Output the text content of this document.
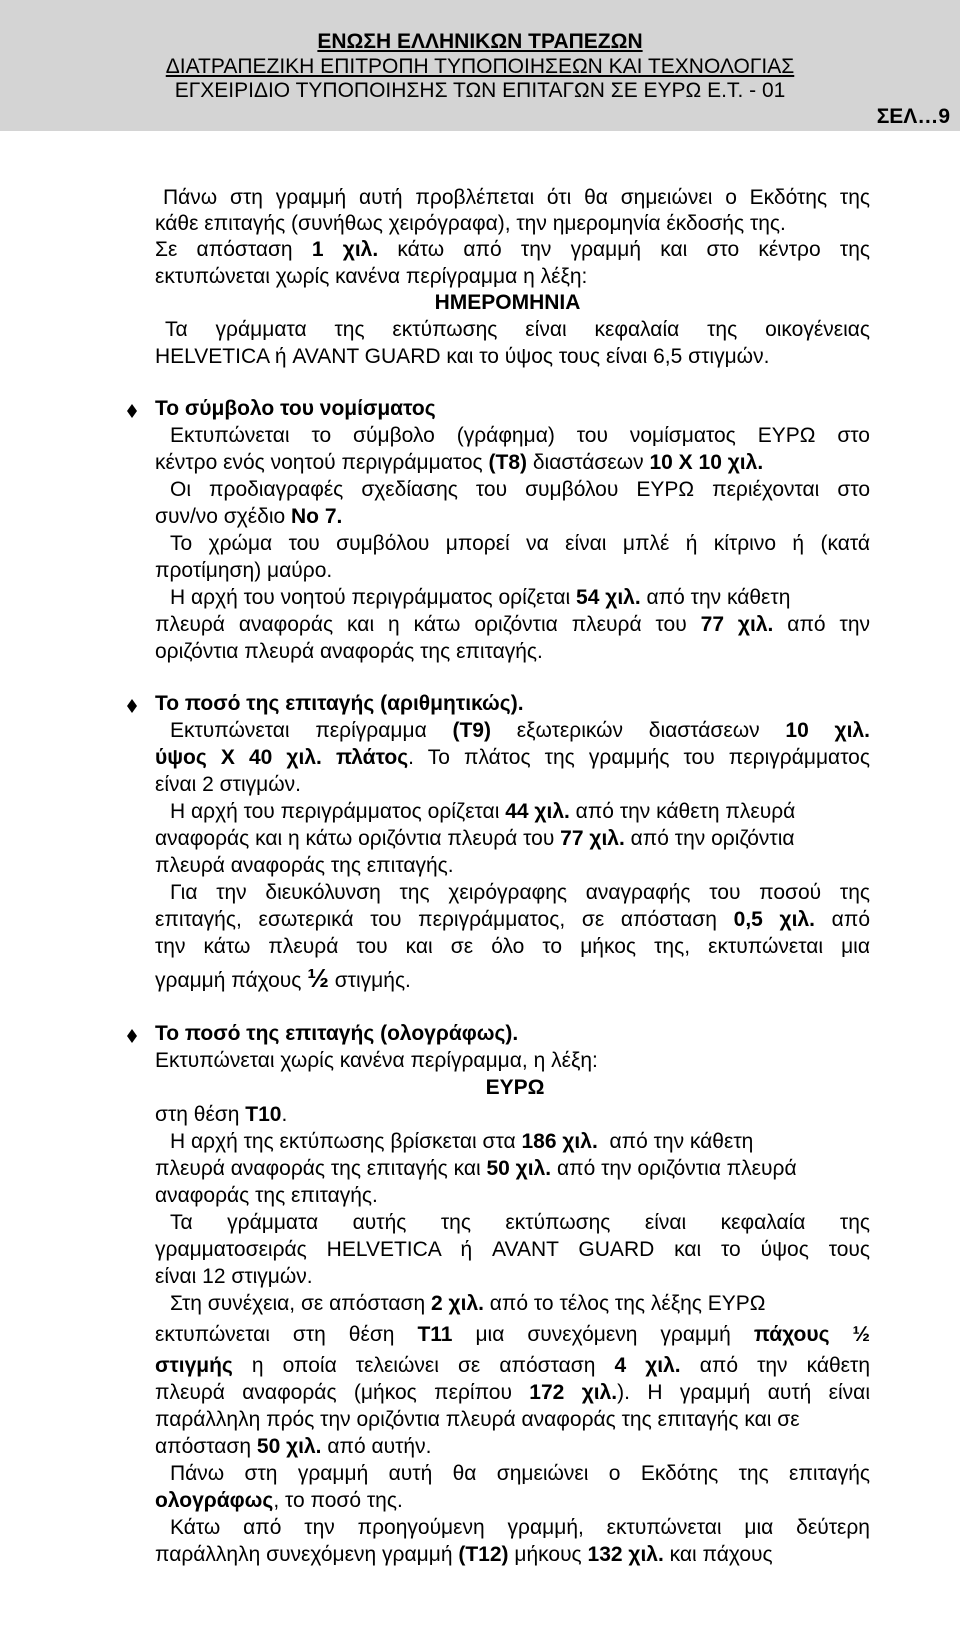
ΕΝΩΣΗ ΕΛΛΗΝΙΚΩΝ ΤΡΑΠΕΖΩΝ
ΔΙΑΤΡΑΠΕΖΙΚΗ ΕΠΙΤΡΟΠΗ ΤΥΠΟΠΟΙΗΣΕΩΝ ΚΑΙ ΤΕΧΝΟΛΟΓΙΑΣ
ΕΓΧΕΙΡΙΔΙΟ ΤΥΠΟΠΟΙΗΣΗΣ ΤΩΝ ΕΠΙΤΑΓΩΝ ΣΕ ΕΥΡΩ Ε.Τ. - 01
ΣΕΛ…9
Πάνω στη γραμμή αυτή προβλέπεται ότι θα σημειώνει ο Εκδότης της
κάθε επιταγής (συνήθως χειρόγραφα), την ημερομηνία έκδοσής της.
Σε απόσταση 1 χιλ. κάτω από την γραμμή και στο κέντρο της
εκτυπώνεται χωρίς κανένα περίγραμμα η λέξη:
ΗΜΕΡΟΜΗΝΙΑ
Τα γράμματα της εκτύπωσης είναι κεφαλαία της οικογένειας
HELVETICA ή AVANT GUARD και το ύψος τους είναι 6,5 στιγμών.
Το σύμβολο του νομίσματος
Εκτυπώνεται το σύμβολο (γράφημα) του νομίσματος ΕΥΡΩ στο
κέντρο ενός νοητού περιγράμματος (Τ8) διαστάσεων 10 Χ 10 χιλ.
Οι προδιαγραφές σχεδίασης του συμβόλου ΕΥΡΩ περιέχονται στο
συν/νο σχέδιο Νο 7.
Το χρώμα του συμβόλου μπορεί να είναι μπλέ ή κίτρινο ή (κατά
προτίμηση) μαύρο.
Η αρχή του νοητού περιγράμματος ορίζεται 54 χιλ. από την κάθετη
πλευρά αναφοράς και η κάτω οριζόντια πλευρά του 77 χιλ. από την
οριζόντια πλευρά αναφοράς της επιταγής.
Το ποσό της επιταγής (αριθμητικώς).
Εκτυπώνεται περίγραμμα (Τ9) εξωτερικών διαστάσεων 10 χιλ.
ύψος Χ 40 χιλ. πλάτος. Το πλάτος της γραμμής του περιγράμματος
είναι 2 στιγμών.
Η αρχή του περιγράμματος ορίζεται 44 χιλ. από την κάθετη πλευρά
αναφοράς και η κάτω οριζόντια πλευρά του 77 χιλ. από την οριζόντια
πλευρά αναφοράς της επιταγής.
Για την διευκόλυνση της χειρόγραφης αναγραφής του ποσού της
επιταγής, εσωτερικά του περιγράμματος, σε απόσταση 0,5 χιλ. από
την κάτω πλευρά του και σε όλο το μήκος της, εκτυπώνεται μια
γραμμή πάχους ½ στιγμής.
Το ποσό της επιταγής (ολογράφως).
Εκτυπώνεται χωρίς κανένα περίγραμμα, η λέξη:
ΕΥΡΩ
στη θέση Τ10.
Η αρχή της εκτύπωσης βρίσκεται στα 186 χιλ.  από την κάθετη
πλευρά αναφοράς της επιταγής και 50 χιλ. από την οριζόντια πλευρά
αναφοράς της επιταγής.
Τα γράμματα αυτής της εκτύπωσης είναι κεφαλαία της
γραμματοσειράς HELVETICA ή AVANT GUARD και το ύψος τους
είναι 12 στιγμών.
Στη συνέχεια, σε απόσταση 2 χιλ. από το τέλος της λέξης ΕΥΡΩ
εκτυπώνεται στη θέση Τ11 μια συνεχόμενη γραμμή πάχους ½
στιγμής η οποία τελειώνει σε απόσταση 4 χιλ. από την κάθετη
πλευρά αναφοράς (μήκος περίπου 172 χιλ.). Η γραμμή αυτή είναι
παράλληλη πρός την οριζόντια πλευρά αναφοράς της επιταγής και σε
απόσταση 50 χιλ. από αυτήν.
Πάνω στη γραμμή αυτή θα σημειώνει ο Εκδότης της επιταγής
ολογράφως, το ποσό της.
Κάτω από την προηγούμενη γραμμή, εκτυπώνεται μια δεύτερη
παράλληλη συνεχόμενη γραμμή (Τ12) μήκους 132 χιλ. και πάχους
